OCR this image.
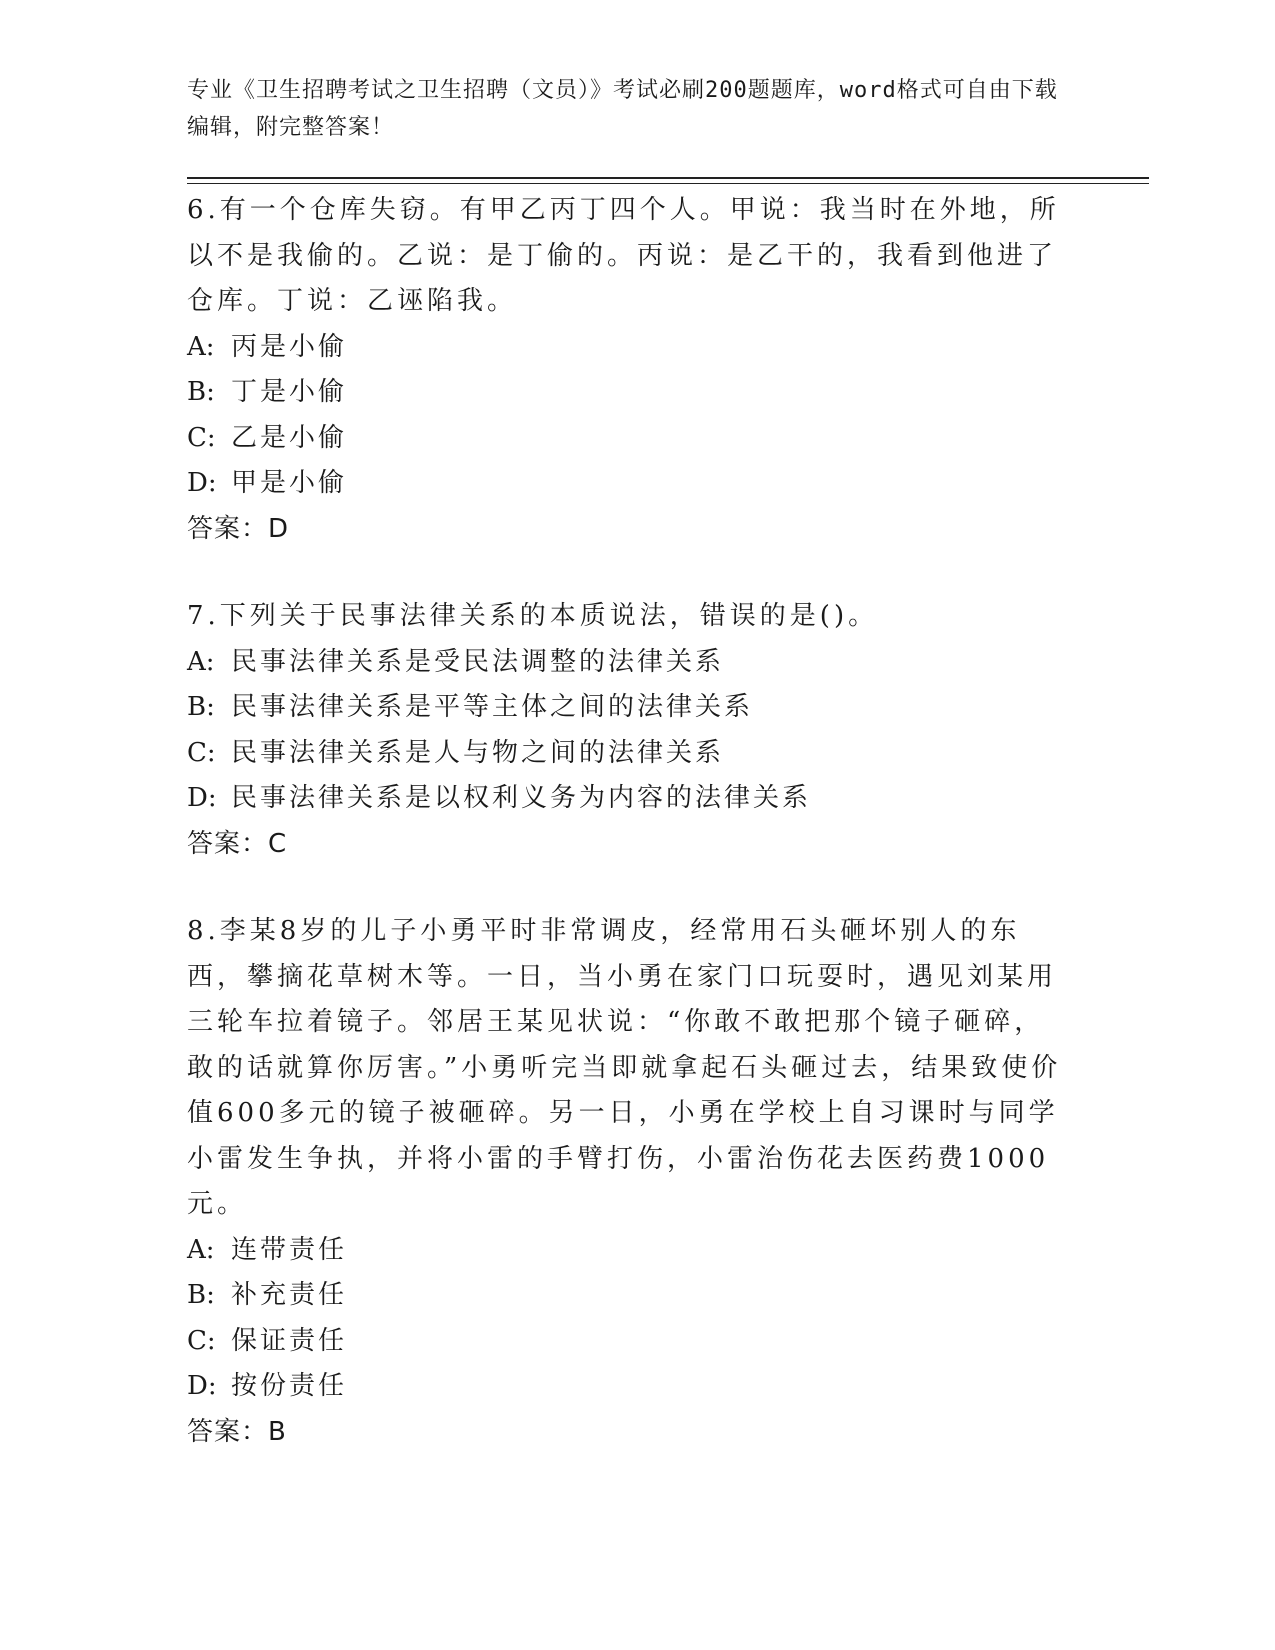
专业《卫生招聘考试之卫生招聘（文员）》考试必刷200题题库，word格式可自由下载编辑，附完整答案！

6.有一个仓库失窃。有甲乙丙丁四个人。甲说：我当时在外地，所以不是我偷的。乙说：是丁偷的。丙说：是乙干的，我看到他进了仓库。丁说：乙诬陷我。

A: 丙是小偷

B: 丁是小偷

C: 乙是小偷

D: 甲是小偷

答案：D

7.下列关于民事法律关系的本质说法，错误的是()。

A: 民事法律关系是受民法调整的法律关系

B: 民事法律关系是平等主体之间的法律关系

C: 民事法律关系是人与物之间的法律关系

D: 民事法律关系是以权利义务为内容的法律关系

答案：C

8.李某8岁的儿子小勇平时非常调皮，经常用石头砸坏别人的东西，攀摘花草树木等。一日，当小勇在家门口玩耍时，遇见刘某用三轮车拉着镜子。邻居王某见状说：“你敢不敢把那个镜子砸碎，敢的话就算你厉害。”小勇听完当即就拿起石头砸过去，结果致使价值600多元的镜子被砸碎。另一日，小勇在学校上自习课时与同学小雷发生争执，并将小雷的手臂打伤，小雷治伤花去医药费1000元。

A: 连带责任

B: 补充责任

C: 保证责任

D: 按份责任

答案：B
